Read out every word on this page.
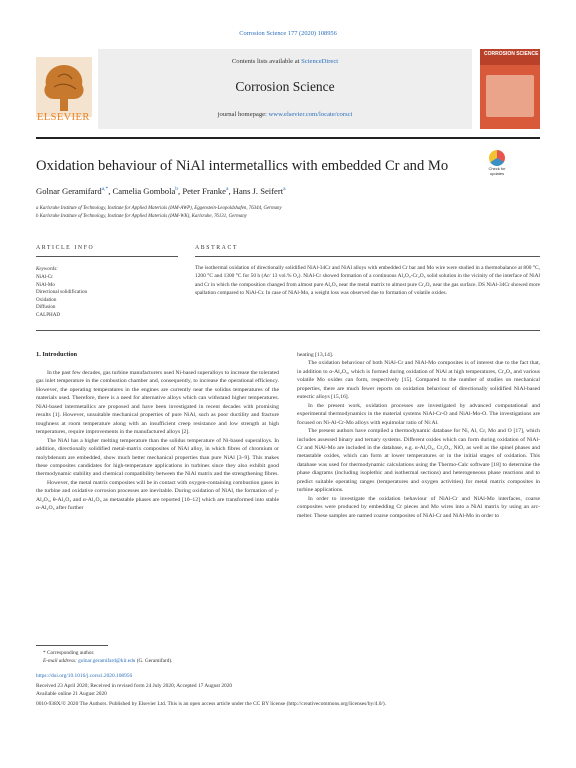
Corrosion Science 177 (2020) 108956
ELSEVIER
Contents lists available at ScienceDirect
Corrosion Science
journal homepage: www.elsevier.com/locate/corsci
CORROSION SCIENCE
Oxidation behaviour of NiAl intermetallics with embedded Cr and Mo	Check for updates
Golnar Geramifard$^{a,*}$, Camelia Gombola$^b$, Peter Franke$^a$, Hans J. Seifert$^a$
a Karlsruhe Institute of Technology, Institute for Applied Materials (IAM-AWP), Eggenstein-Leopoldshafen, 76344, Germany
b Karlsruhe Institute of Technology, Institute for Applied Materials (IAM-WK), Karlsruhe, 76131, Germany
ARTICLE INFO	ABSTRACT
Keywords:
NiAl-Cr
NiAl-Mo
Directional solidification
Oxidation
Diffusion
CALPHAD
The isothermal oxidation of directionally solidified NiAl-34Cr and NiAl alloys with embedded Cr bar and Mo wire were studied in a thermobalance at 800 °C, 1200 °C and 1300 °C for 50 h (Ar/ 13 vol.% O₂). NiAl-Cr showed formation of a continuous Al₂O₃-Cr₂O₃ solid solution in the vicinity of the interface of NiAl and Cr in which the composition changed from almost pure Al₂O₃ near the metal matrix to almost pure Cr₂O₃ near the gas surface. DS NiAl-34Cr showed more spallation compared to NiAl-Cr. In case of NiAl-Mo, a weight loss was observed due to formation of volatile oxides.
1. Introduction

In the past few decades, gas turbine manufacturers used Ni-based superalloys to increase the tolerated gas inlet temperature in the combustion chamber and, consequently, to increase the operational efficiency. However, the operating temperatures in the engines are currently near the solidus temperatures of the materials used. Therefore, there is a need for alternative alloys which can withstand higher temperatures. NiAl-based intermetallics are proposed and have been investigated in recent decades with promising results [1]. However, unsuitable mechanical properties of pure NiAl, such as poor ductility and fracture toughness at room temperature along with an insufficient creep resistance and low strength at high temperatures, require improvements in the manufactured alloys [2].

The NiAl has a higher melting temperature than the solidus temperature of Ni-based superalloys. In addition, directionally solidified metal-matrix composites of NiAl alloy, in which fibres of chromium or molybdenum are embedded, show much better mechanical properties than pure NiAl [3–9]. This makes these composites candidates for high-temperature applications in turbines since they also exhibit good thermodynamic stability and chemical compatibility between the NiAl matrix and the strengthening fibres.

However, the metal matrix composites will be in contact with oxygen-containing combustion gases in the turbine and oxidative corrosion processes are inevitable. During oxidation of NiAl, the formation of γ-Al₂O₃, θ-Al₂O₃ and α-Al₂O₃ as metastable phases are reported [10–12] which are transformed into stable α-Al₂O₃ after further

heating [13,14].

The oxidation behaviour of both NiAl-Cr and NiAl-Mo composites is of interest due to the fact that, in addition to α-Al₂O₃, which is formed during oxidation of NiAl at high temperatures, Cr₂O₃ and various volatile Mo oxides can form, respectively [15]. Compared to the number of studies on mechanical properties, there are much fewer reports on oxidation behaviour of directionally solidified NiAl-based eutectic alloys [15,16].

In the present work, oxidation processes are investigated by advanced computational and experimental thermodynamics in the material systems NiAl-Cr-O and NiAl-Mo-O. The investigations are focused on Ni-Al-Cr-Mo alloys with equimolar ratio of Ni:Al.

The present authors have compiled a thermodynamic database for Ni, Al, Cr, Mo and O [17], which includes assessed binary and ternary systems. Different oxides which can form during oxidation of NiAl-Cr and NiAl-Mo are included in the database, e.g. α-Al₂O₃, Cr₂O₃, NiO, as well as the spinel phases and metastable oxides, which can form at lower temperatures or in the initial stages of oxidation. This database was used for thermodynamic calculations using the Thermo-Calc software [18] to determine the phase diagrams (including isoplethic and isothermal sections) and heterogeneous phase reactions and to predict suitable operating ranges (temperatures and oxygen activities) for metal matrix composites in turbine applications.

In order to investigate the oxidation behaviour of NiAl-Cr and NiAl-Mo interfaces, coarse composites were produced by embedding Cr pieces and Mo wires into a NiAl matrix by using an arc-melter. These samples are named coarse composites of NiAl-Cr and NiAl-Mo in order to

* Corresponding author.
E-mail address: golnar.geramifard@kit.edu (G. Geramifard).
https://doi.org/10.1016/j.corsci.2020.108956
Received 23 April 2020; Received in revised form 24 July 2020; Accepted 17 August 2020
Available online 21 August 2020
0010-938X/© 2020 The Authors. Published by Elsevier Ltd. This is an open access article under the CC BY license (http://creativecommons.org/licenses/by/4.0/).
